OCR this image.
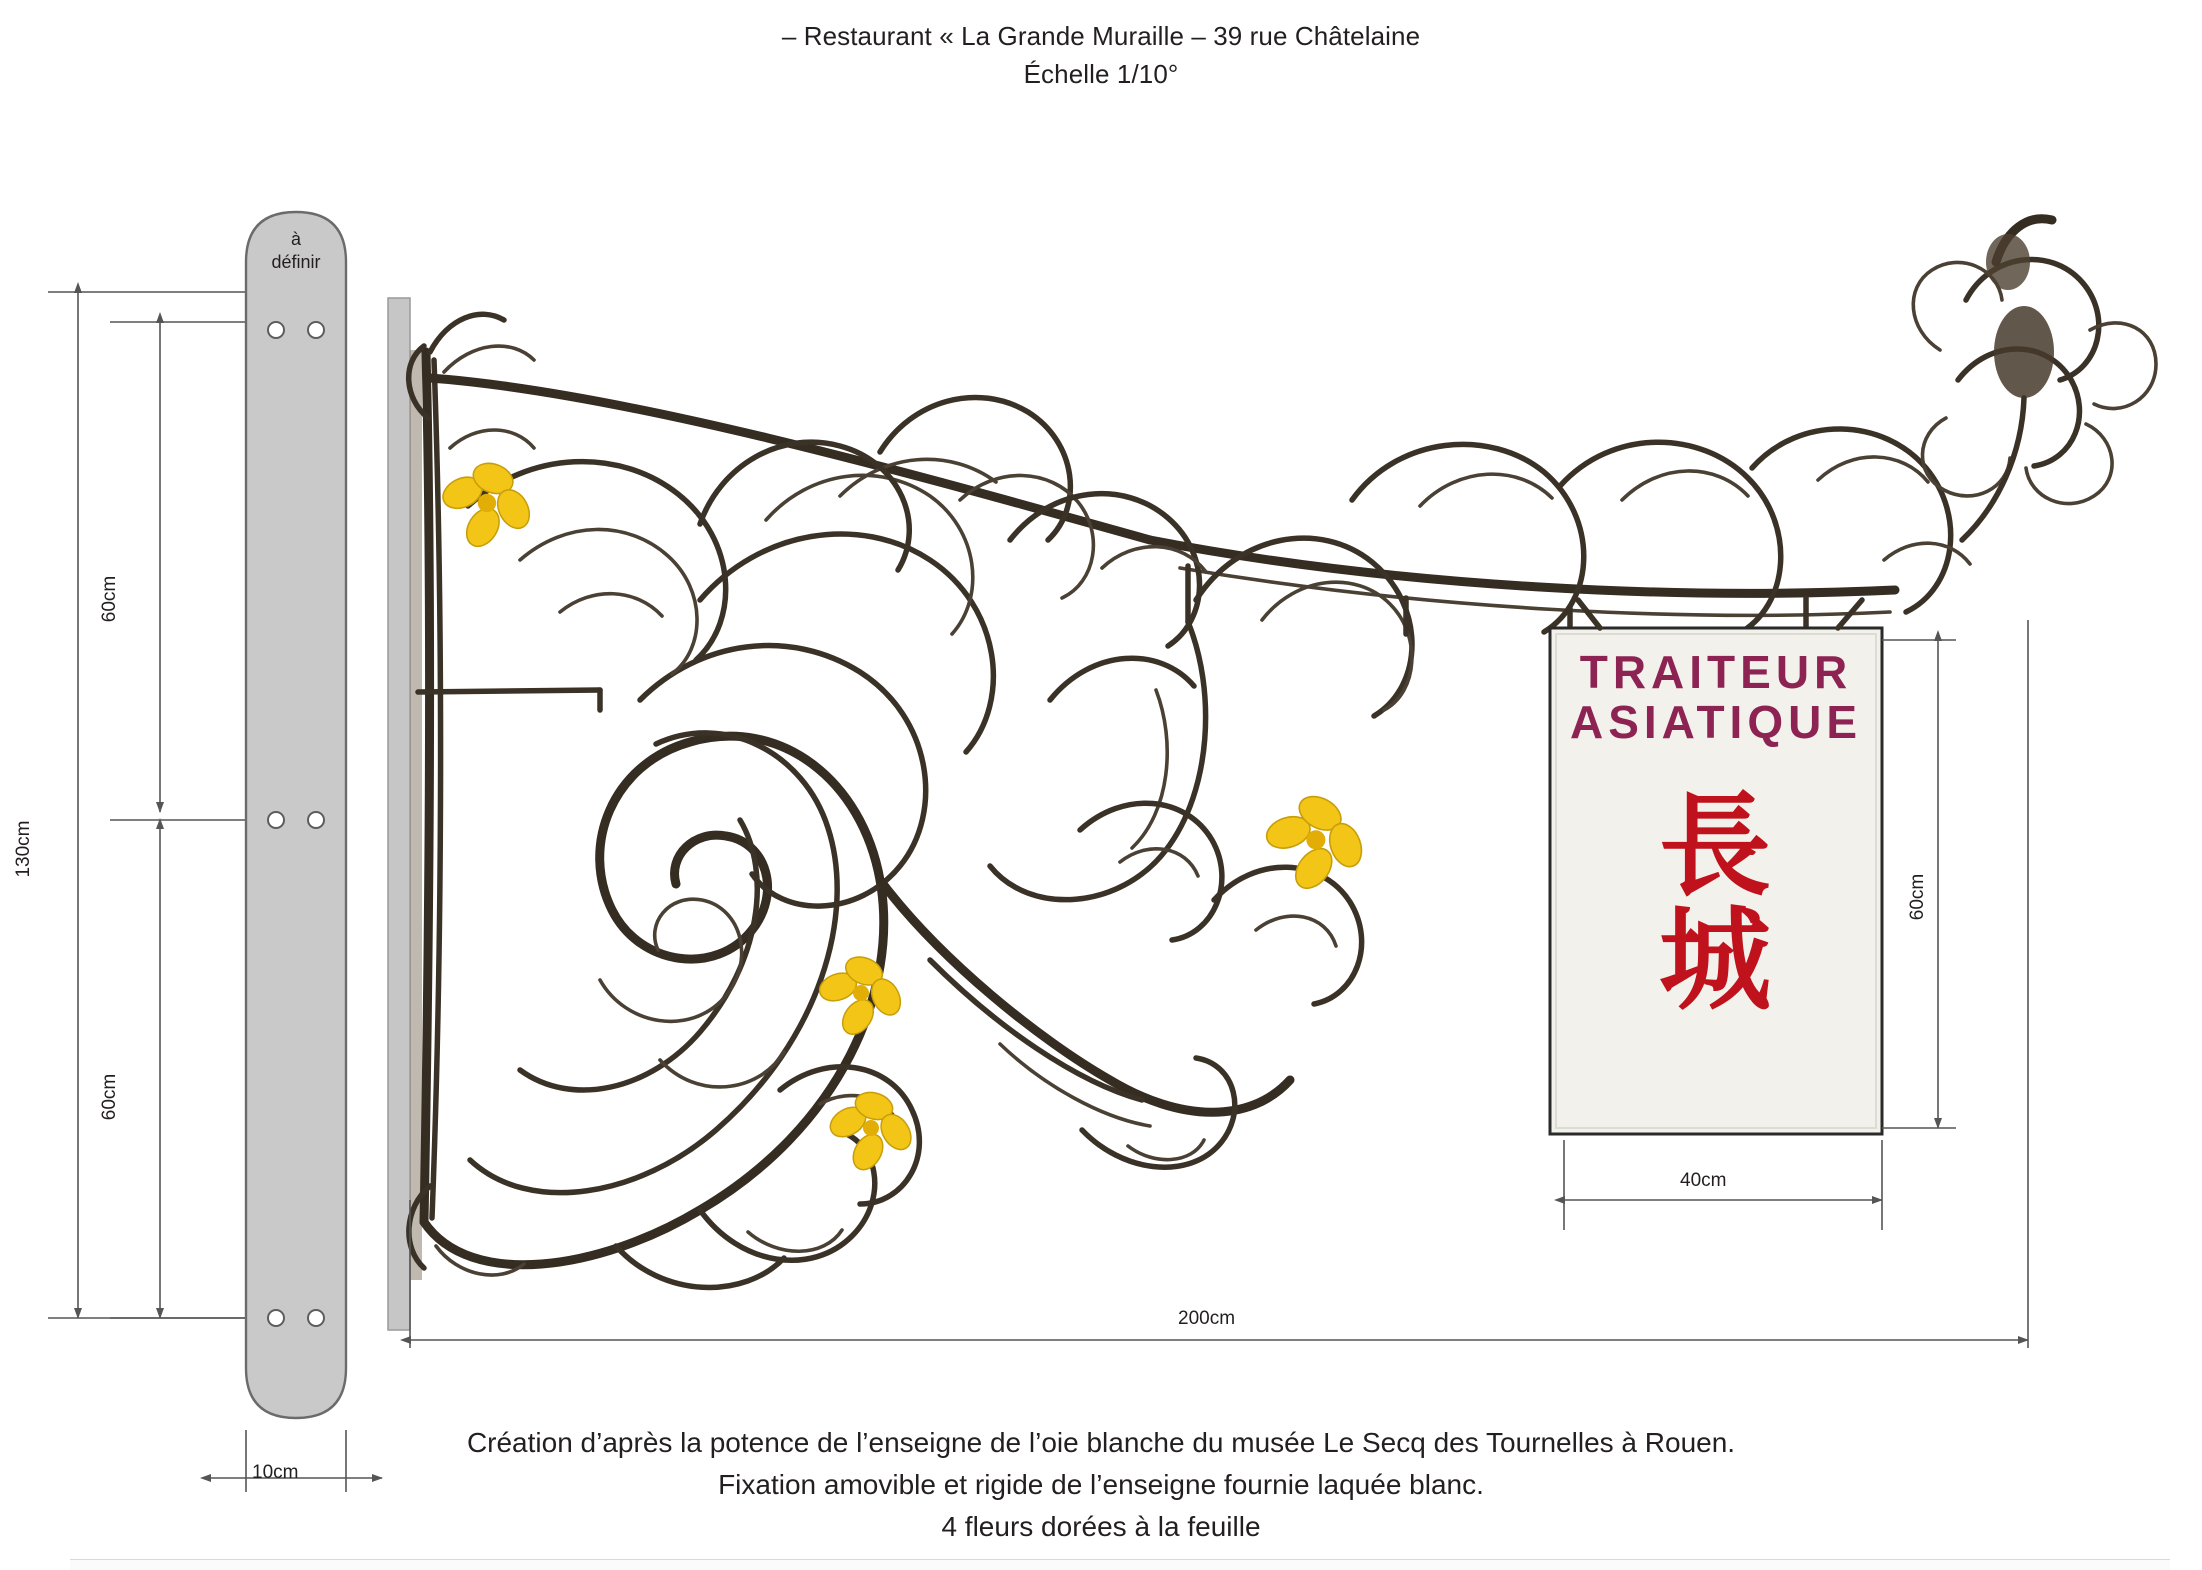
– Restaurant « La Grande Muraille – 39 rue Châtelaine
Échelle 1/10°
130cm
60cm
60cm
10cm
60cm
40cm
200cm
à
définir
TRAITEUR
ASIATIQUE
長
城
Création d’après la potence de l’enseigne de l’oie blanche du musée Le Secq des Tournelles à Rouen.
Fixation amovible et rigide de l’enseigne fournie laquée blanc.
4 fleurs dorées à la feuille
